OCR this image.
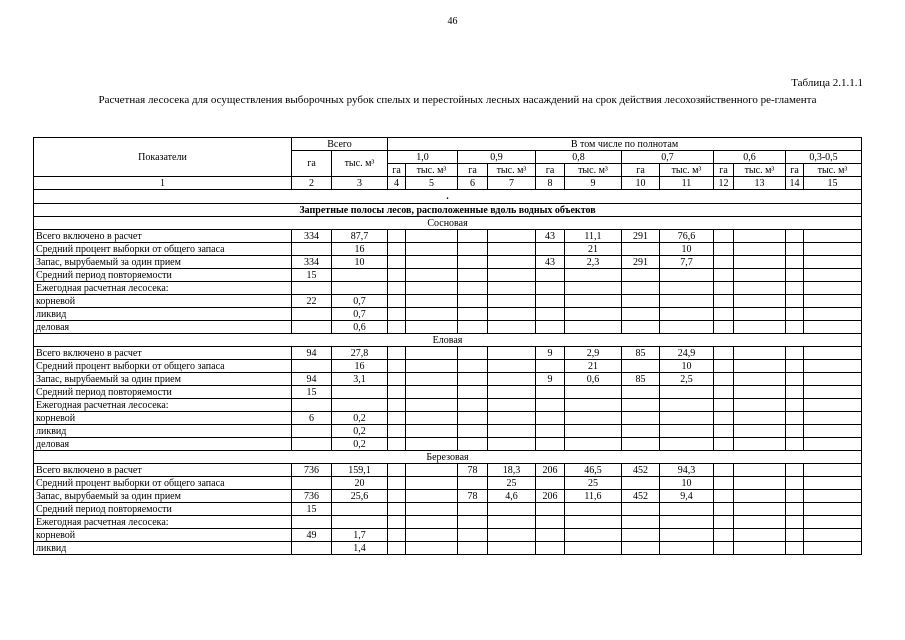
46
Таблица 2.1.1.1
Расчетная лесосека для осуществления выборочных рубок спелых и перестойных лесных насаждений на срок действия лесохозяйственного ре-гламента
Показатели	Всего		В том числе по полнотам											
	га	тыс. м³	1,0		0,9		0,8		0,7		0,6		0,3-0,5	
			га	тыс. м³	га	тыс. м³	га	тыс. м³	га	тыс. м³	га	тыс. м³	га	тыс. м³
1	2	3	4	5	6	7	8	9	10	11	12	13	14	15
.														
Запретные полосы лесов, расположенные вдоль водных объектов														
Сосновая														
Всего включено в расчет	334	87,7					43	11,1	291	76,6				
Средний процент выборки от общего запаса		16						21		10				
Запас, вырубаемый за один прием	334	10					43	2,3	291	7,7				
Средний период повторяемости	15													
Ежегодная расчетная лесосека:														
корневой	22	0,7												
ликвид		0,7												
деловая		0,6												
Еловая														
Всего включено в расчет	94	27,8					9	2,9	85	24,9				
Средний процент выборки от общего запаса		16						21		10				
Запас, вырубаемый за один прием	94	3,1					9	0,6	85	2,5				
Средний период повторяемости	15													
Ежегодная расчетная лесосека:														
корневой	6	0,2												
ликвид		0,2												
деловая		0,2												
Березовая														
Всего включено в расчет	736	159,1			78	18,3	206	46,5	452	94,3				
Средний процент выборки от общего запаса		20				25		25		10				
Запас, вырубаемый за один прием	736	25,6			78	4,6	206	11,6	452	9,4				
Средний период повторяемости	15													
Ежегодная расчетная лесосека:														
корневой	49	1,7												
ликвид		1,4												
